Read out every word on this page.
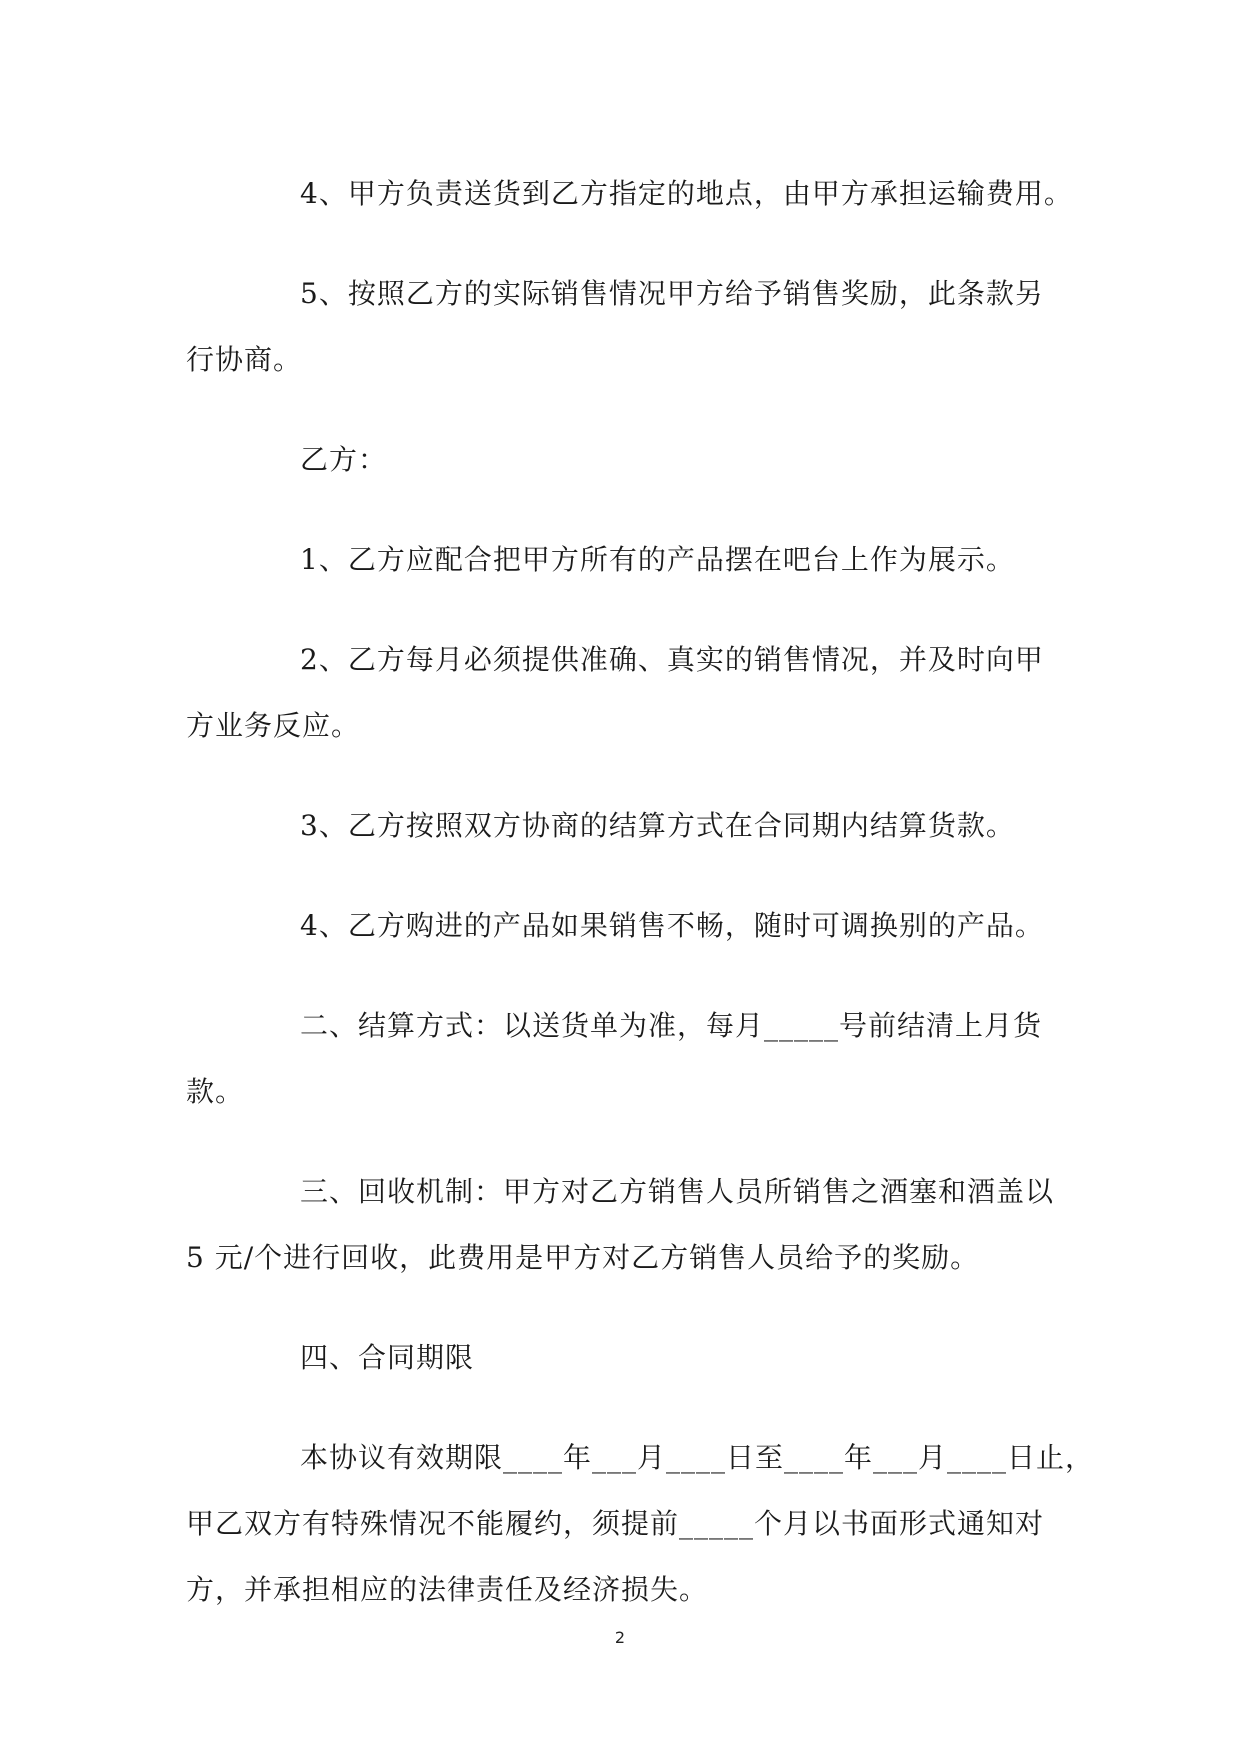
4、甲方负责送货到乙方指定的地点，由甲方承担运输费用。
5、按照乙方的实际销售情况甲方给予销售奖励，此条款另
行协商。
乙方：
1、乙方应配合把甲方所有的产品摆在吧台上作为展示。
2、乙方每月必须提供准确、真实的销售情况，并及时向甲
方业务反应。
3、乙方按照双方协商的结算方式在合同期内结算货款。
4、乙方购进的产品如果销售不畅，随时可调换别的产品。
二、结算方式：以送货单为准，每月_____号前结清上月货
款。
三、回收机制：甲方对乙方销售人员所销售之酒塞和酒盖以
5 元/个进行回收，此费用是甲方对乙方销售人员给予的奖励。
四、合同期限
本协议有效期限____年___月____日至____年___月____日止，
甲乙双方有特殊情况不能履约，须提前_____个月以书面形式通知对
方，并承担相应的法律责任及经济损失。
2
